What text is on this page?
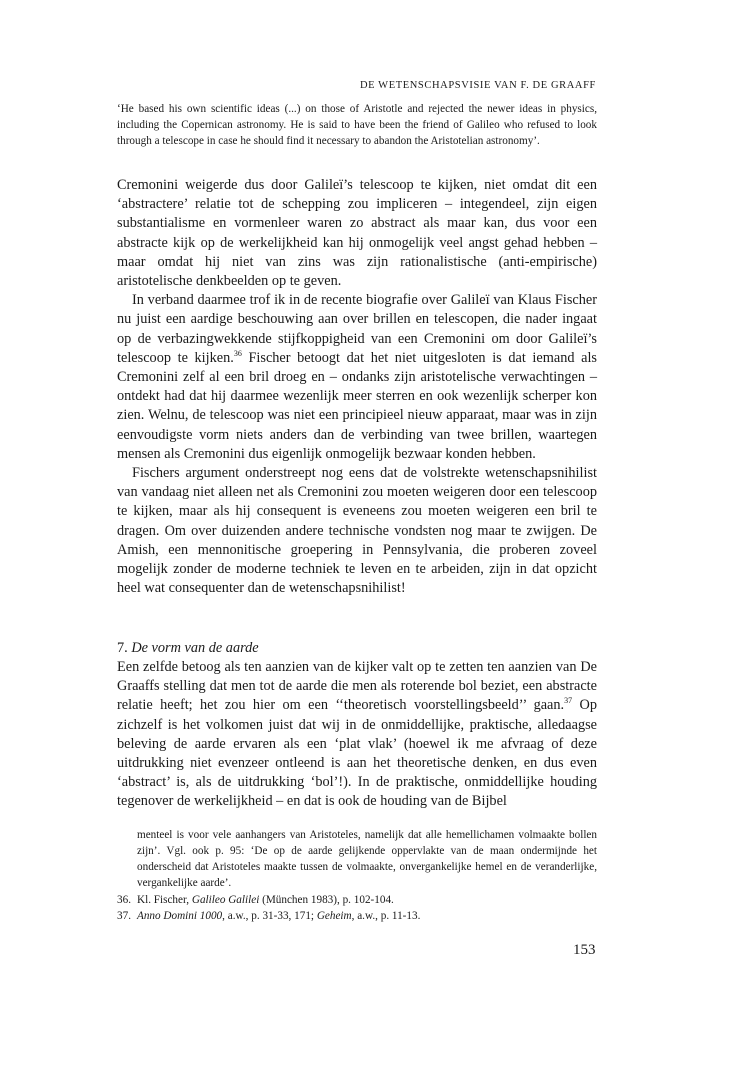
DE WETENSCHAPSVISIE VAN F. DE GRAAFF

‘He based his own scientific ideas (...) on those of Aristotle and rejected the newer ideas in physics, including the Copernican astronomy. He is said to have been the friend of Galileo who refused to look through a telescope in case he should find it necessary to abandon the Aristotelian astronomy’.

Cremonini weigerde dus door Galileï’s telescoop te kijken, niet omdat dit een ‘abstractere’ relatie tot de schepping zou impliceren – integendeel, zijn eigen substantialisme en vormenleer waren zo abstract als maar kan, dus voor een abstracte kijk op de werkelijkheid kan hij onmogelijk veel angst gehad hebben – maar omdat hij niet van zins was zijn rationalistische (anti-empirische) aristotelische denkbeelden op te geven.

In verband daarmee trof ik in de recente biografie over Galileï van Klaus Fischer nu juist een aardige beschouwing aan over brillen en telescopen, die nader ingaat op de verbazingwekkende stijfkoppigheid van een Cremonini om door Galileï’s telescoop te kijken.$^{36}$ Fischer betoogt dat het niet uitgesloten is dat iemand als Cremonini zelf al een bril droeg en – ondanks zijn aristotelische verwachtingen – ontdekt had dat hij daarmee wezenlijk meer sterren en ook wezenlijk scherper kon zien. Welnu, de telescoop was niet een principieel nieuw apparaat, maar was in zijn eenvoudigste vorm niets anders dan de verbinding van twee brillen, waartegen mensen als Cremonini dus eigenlijk onmogelijk bezwaar konden hebben.

Fischers argument onderstreept nog eens dat de volstrekte wetenschapsnihilist van vandaag niet alleen net als Cremonini zou moeten weigeren door een telescoop te kijken, maar als hij consequent is eveneens zou moeten weigeren een bril te dragen. Om over duizenden andere technische vondsten nog maar te zwijgen. De Amish, een mennonitische groepering in Pennsylvania, die proberen zoveel mogelijk zonder de moderne techniek te leven en te arbeiden, zijn in dat opzicht heel wat consequenter dan de wetenschapsnihilist!

7. De vorm van de aarde

Een zelfde betoog als ten aanzien van de kijker valt op te zetten ten aanzien van De Graaffs stelling dat men tot de aarde die men als roterende bol beziet, een abstracte relatie heeft; het zou hier om een ‘‘theoretisch voorstellingsbeeld’’ gaan.$^{37}$ Op zichzelf is het volkomen juist dat wij in de onmiddellijke, praktische, alledaagse beleving de aarde ervaren als een ‘plat vlak’ (hoewel ik me afvraag of deze uitdrukking niet evenzeer ontleend is aan het theoretische denken, en dus even ‘abstract’ is, als de uitdrukking ‘bol’!). In de praktische, onmiddellijke houding tegenover de werkelijkheid – en dat is ook de houding van de Bijbel

menteel is voor vele aanhangers van Aristoteles, namelijk dat alle hemellichamen volmaakte bollen zijn’. Vgl. ook p. 95: ‘De op de aarde gelijkende oppervlakte van de maan ondermijnde het onderscheid dat Aristoteles maakte tussen de volmaakte, onvergankelijke hemel en de veranderlijke, vergankelijke aarde’.

36. Kl. Fischer, Galileo Galilei (München 1983), p. 102-104.

37. Anno Domini 1000, a.w., p. 31-33, 171; Geheim, a.w., p. 11-13.

153
